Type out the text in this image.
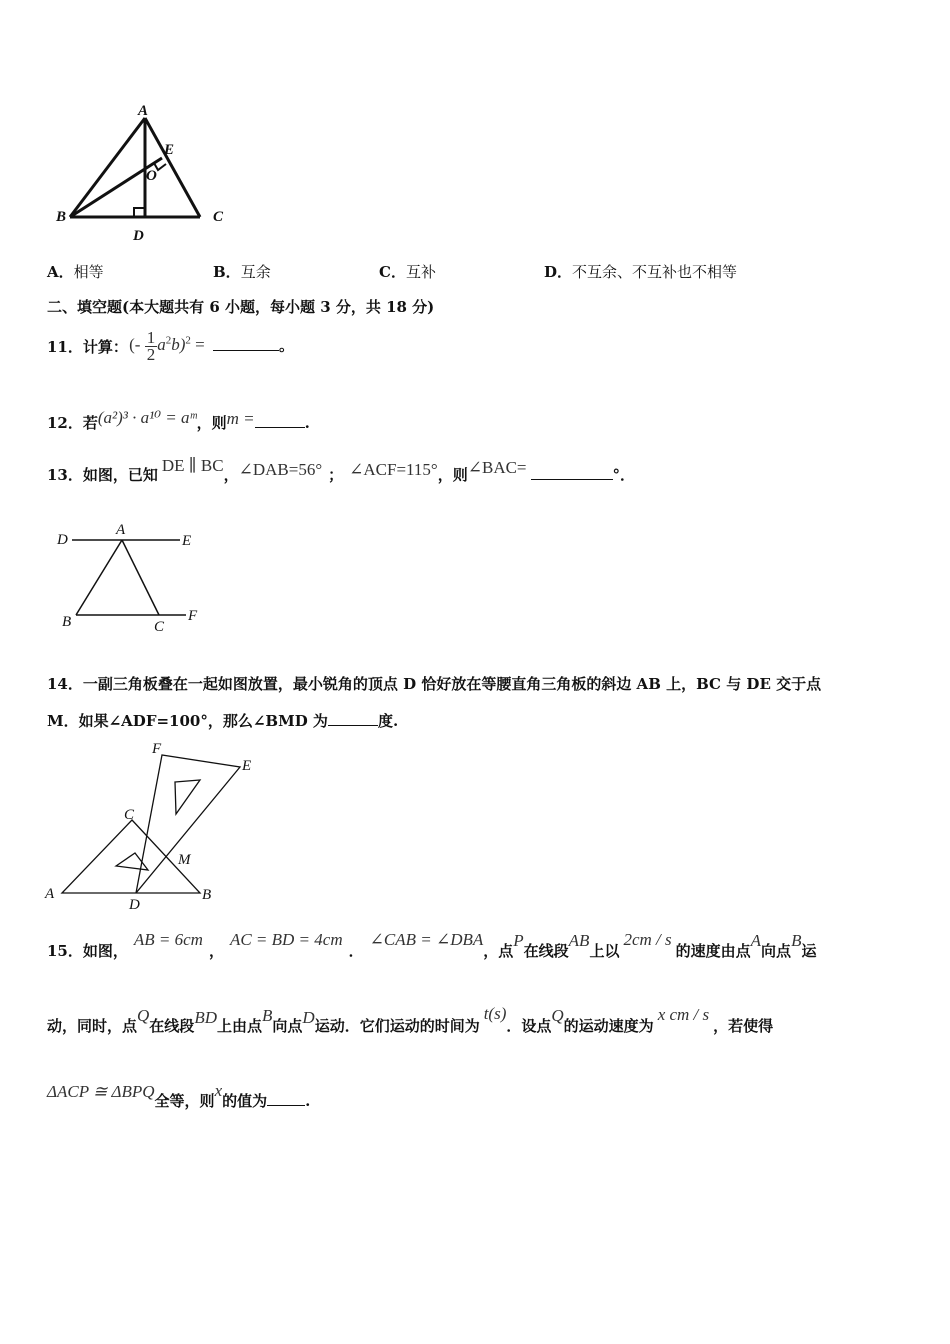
A
E
O
B	C
D
A．相等	B．互余	C．互补	D．不互余、不互补也不相等
二、填空题(本大题共有 6 小题，每小题 3 分，共 18 分)
11．计算： (- $\frac{1}{2} a^2b)^2$ =	。
12．若(a²)³ · a¹⁰ = aᵐ，则m =	.
13．如图，已知 DE ∥ BC，∠DAB=56° ； ∠ACF=115°，则∠BAC=	°．
D
A
E
B	C
F
14．一副三角板叠在一起如图放置，最小锐角的顶点 D 恰好放在等腰直角三角板的斜边 AB 上，BC 与 DE 交于点
M．如果∠ADF=100°，那么∠BMD 为	度.
F
E
C
M
A
D
B
15．如图，AB = 6cm，AC = BD = 4cm．∠CAB = ∠DBA，点P在线段AB上以2cm / s的速度由点A向点B运
动，同时，点Q在线段BD上由点B向点D运动．它们运动的时间为t(s)．设点Q的运动速度为x cm / s，若使得
ΔACP ≅ ΔBPQ全等，则x的值为	.
